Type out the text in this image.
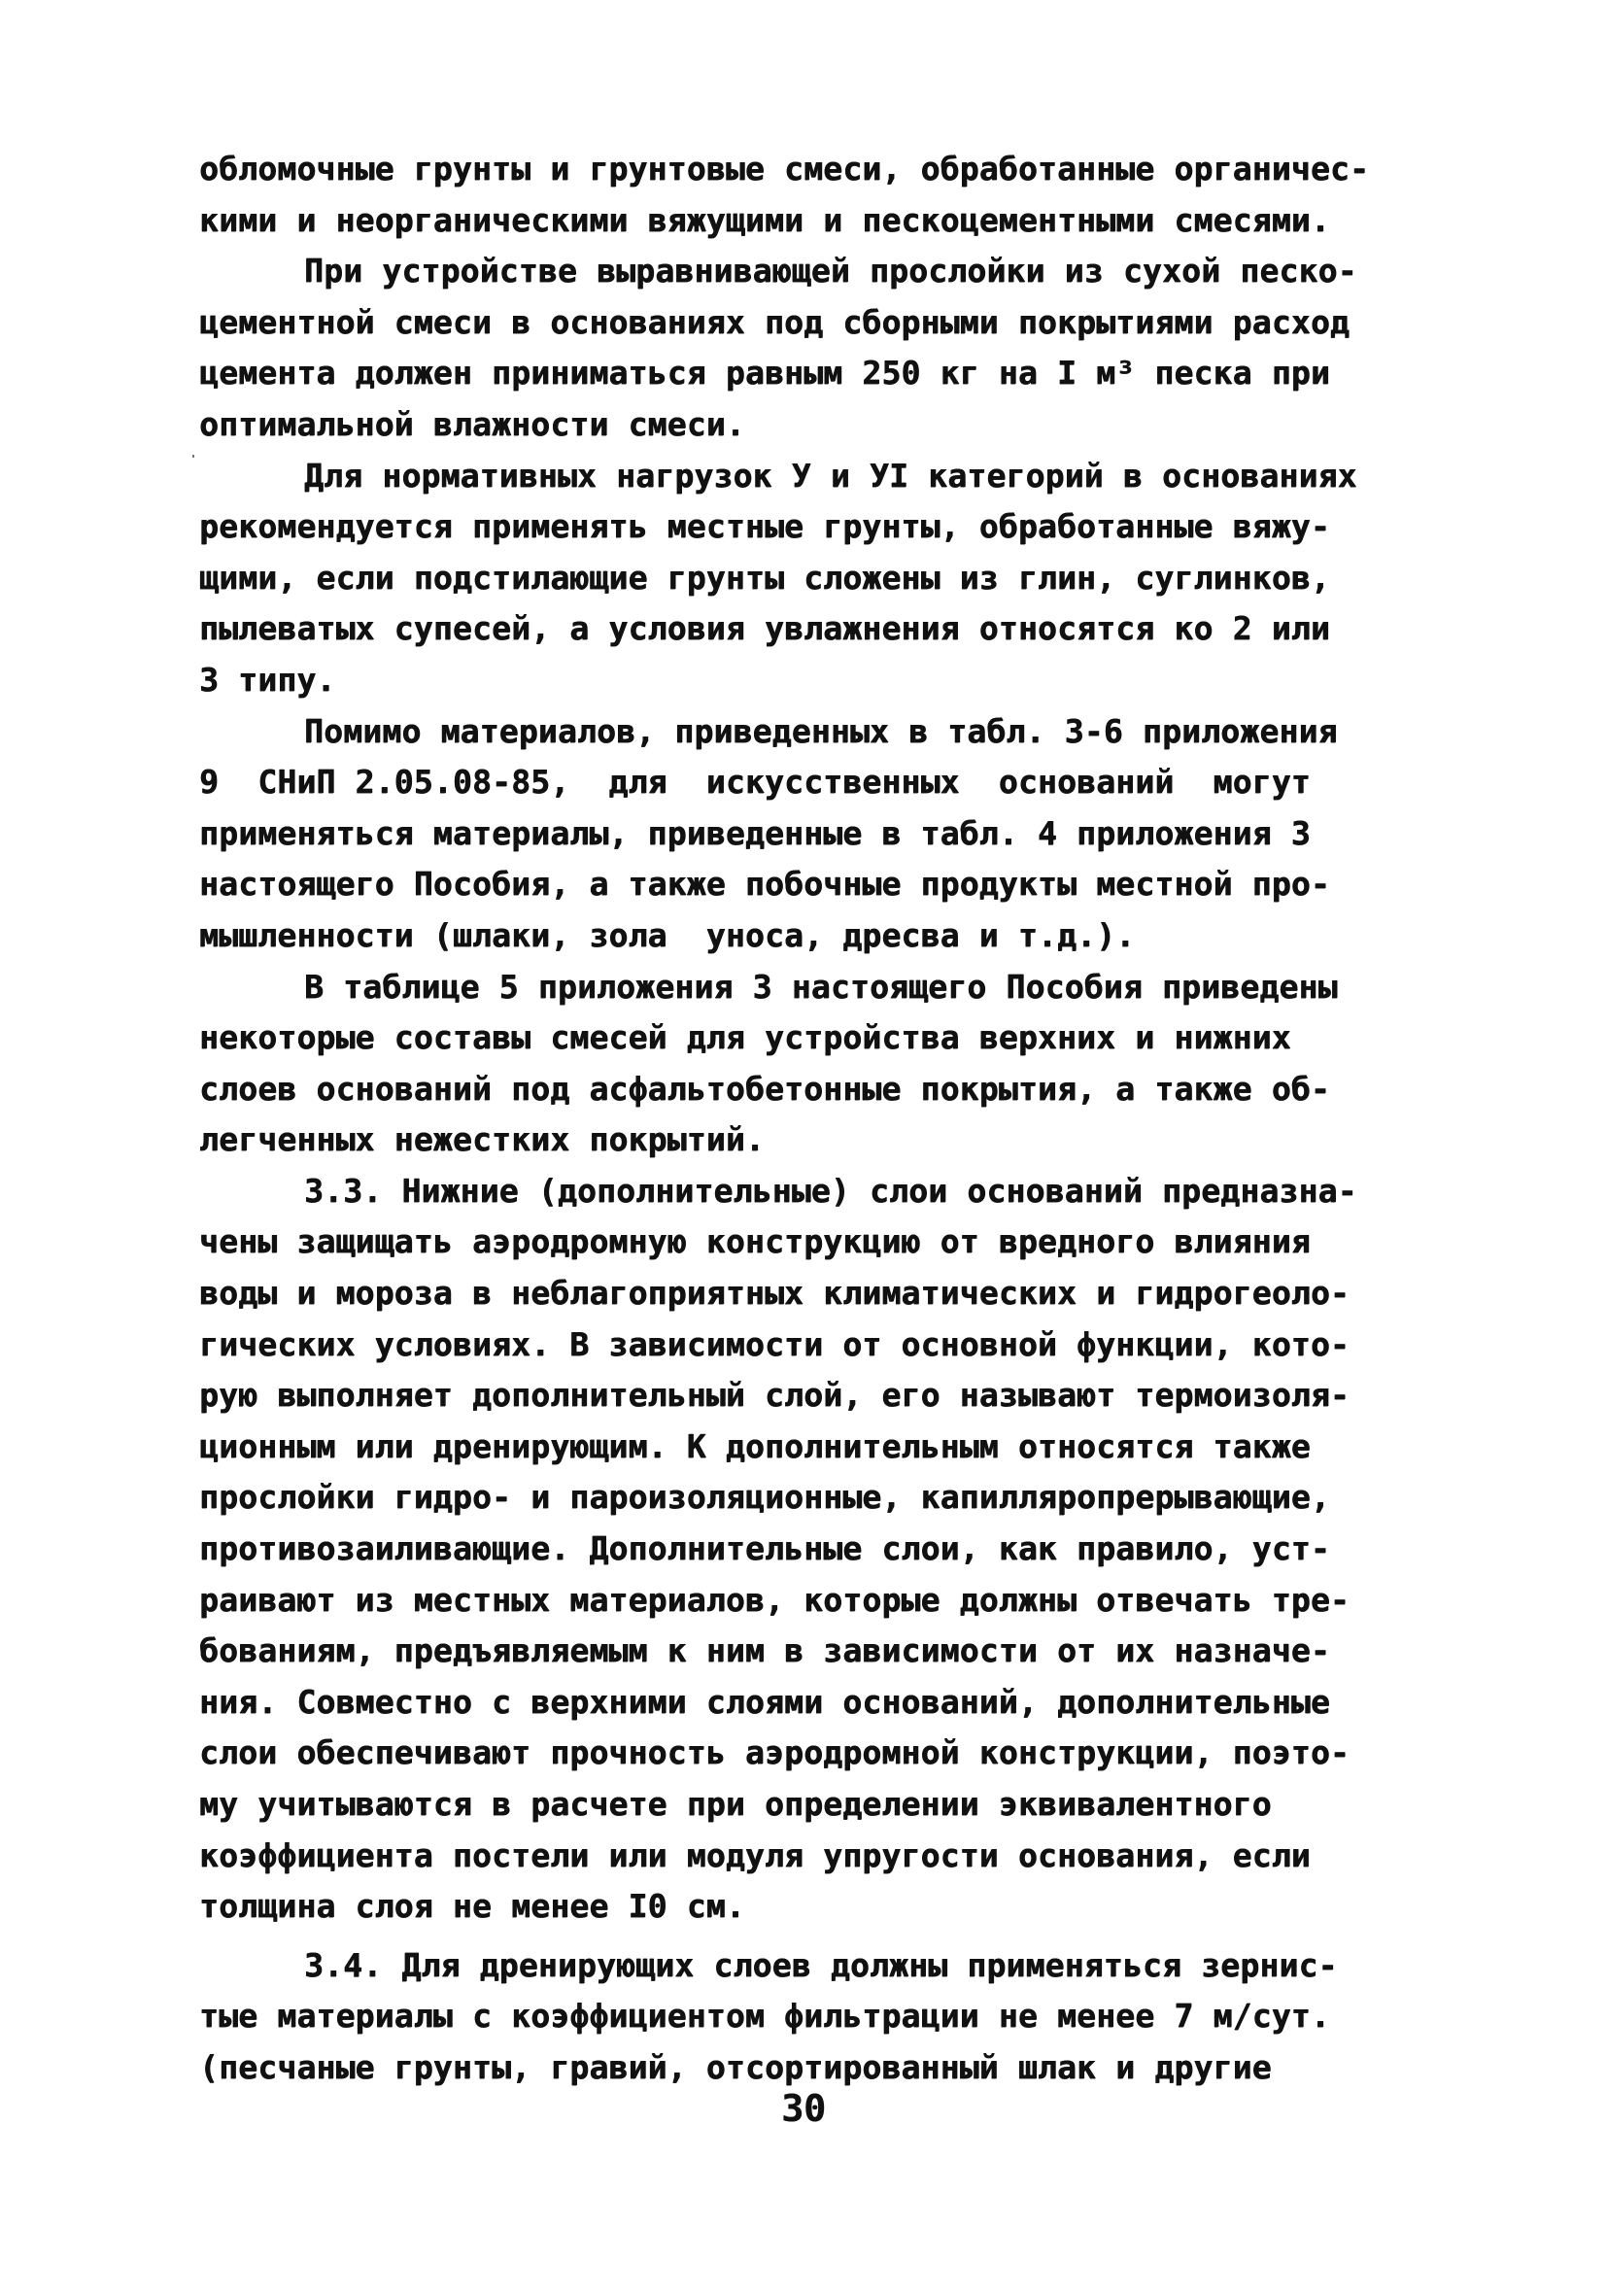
обломочные грунты и грунтовые смеси, обработанные органичес-
кими и неорганическими вяжущими и пескоцементными смесями.
При устройстве выравнивающей прослойки из сухой песко-
цементной смеси в основаниях под сборными покрытиями расход
цемента должен приниматься равным 250 кг на I м³ песка при
оптимальной влажности смеси.
Для нормативных нагрузок У и УI категорий в основаниях
рекомендуется применять местные грунты, обработанные вяжу-
щими, если подстилающие грунты сложены из глин, суглинков,
пылеватых супесей, а условия увлажнения относятся ко 2 или
3 типу.
Помимо материалов, приведенных в табл. 3-6 приложения
9  СНиП 2.05.08-85,  для  искусственных  оснований  могут
применяться материалы, приведенные в табл. 4 приложения 3
настоящего Пособия, а также побочные продукты местной про-
мышленности (шлаки, зола  уноса, дресва и т.д.).
В таблице 5 приложения 3 настоящего Пособия приведены
некоторые составы смесей для устройства верхних и нижних
слоев оснований под асфальтобетонные покрытия, а также об-
легченных нежестких покрытий.
3.3. Нижние (дополнительные) слои оснований предназна-
чены защищать аэродромную конструкцию от вредного влияния
воды и мороза в неблагоприятных климатических и гидрогеоло-
гических условиях. В зависимости от основной функции, кото-
рую выполняет дополнительный слой, его называют термоизоля-
ционным или дренирующим. К дополнительным относятся также
прослойки гидро- и пароизоляционные, капилляропрерывающие,
противозаиливающие. Дополнительные слои, как правило, уст-
раивают из местных материалов, которые должны отвечать тре-
бованиям, предъявляемым к ним в зависимости от их назначе-
ния. Совместно с верхними слоями оснований, дополнительные
слои обеспечивают прочность аэродромной конструкции, поэто-
му учитываются в расчете при определении эквивалентного
коэффициента постели или модуля упругости основания, если
толщина слоя не менее I0 см.
3.4. Для дренирующих слоев должны применяться зернис-
тые материалы с коэффициентом фильтрации не менее 7 м/сут.
(песчаные грунты, гравий, отсортированный шлак и другие
30
